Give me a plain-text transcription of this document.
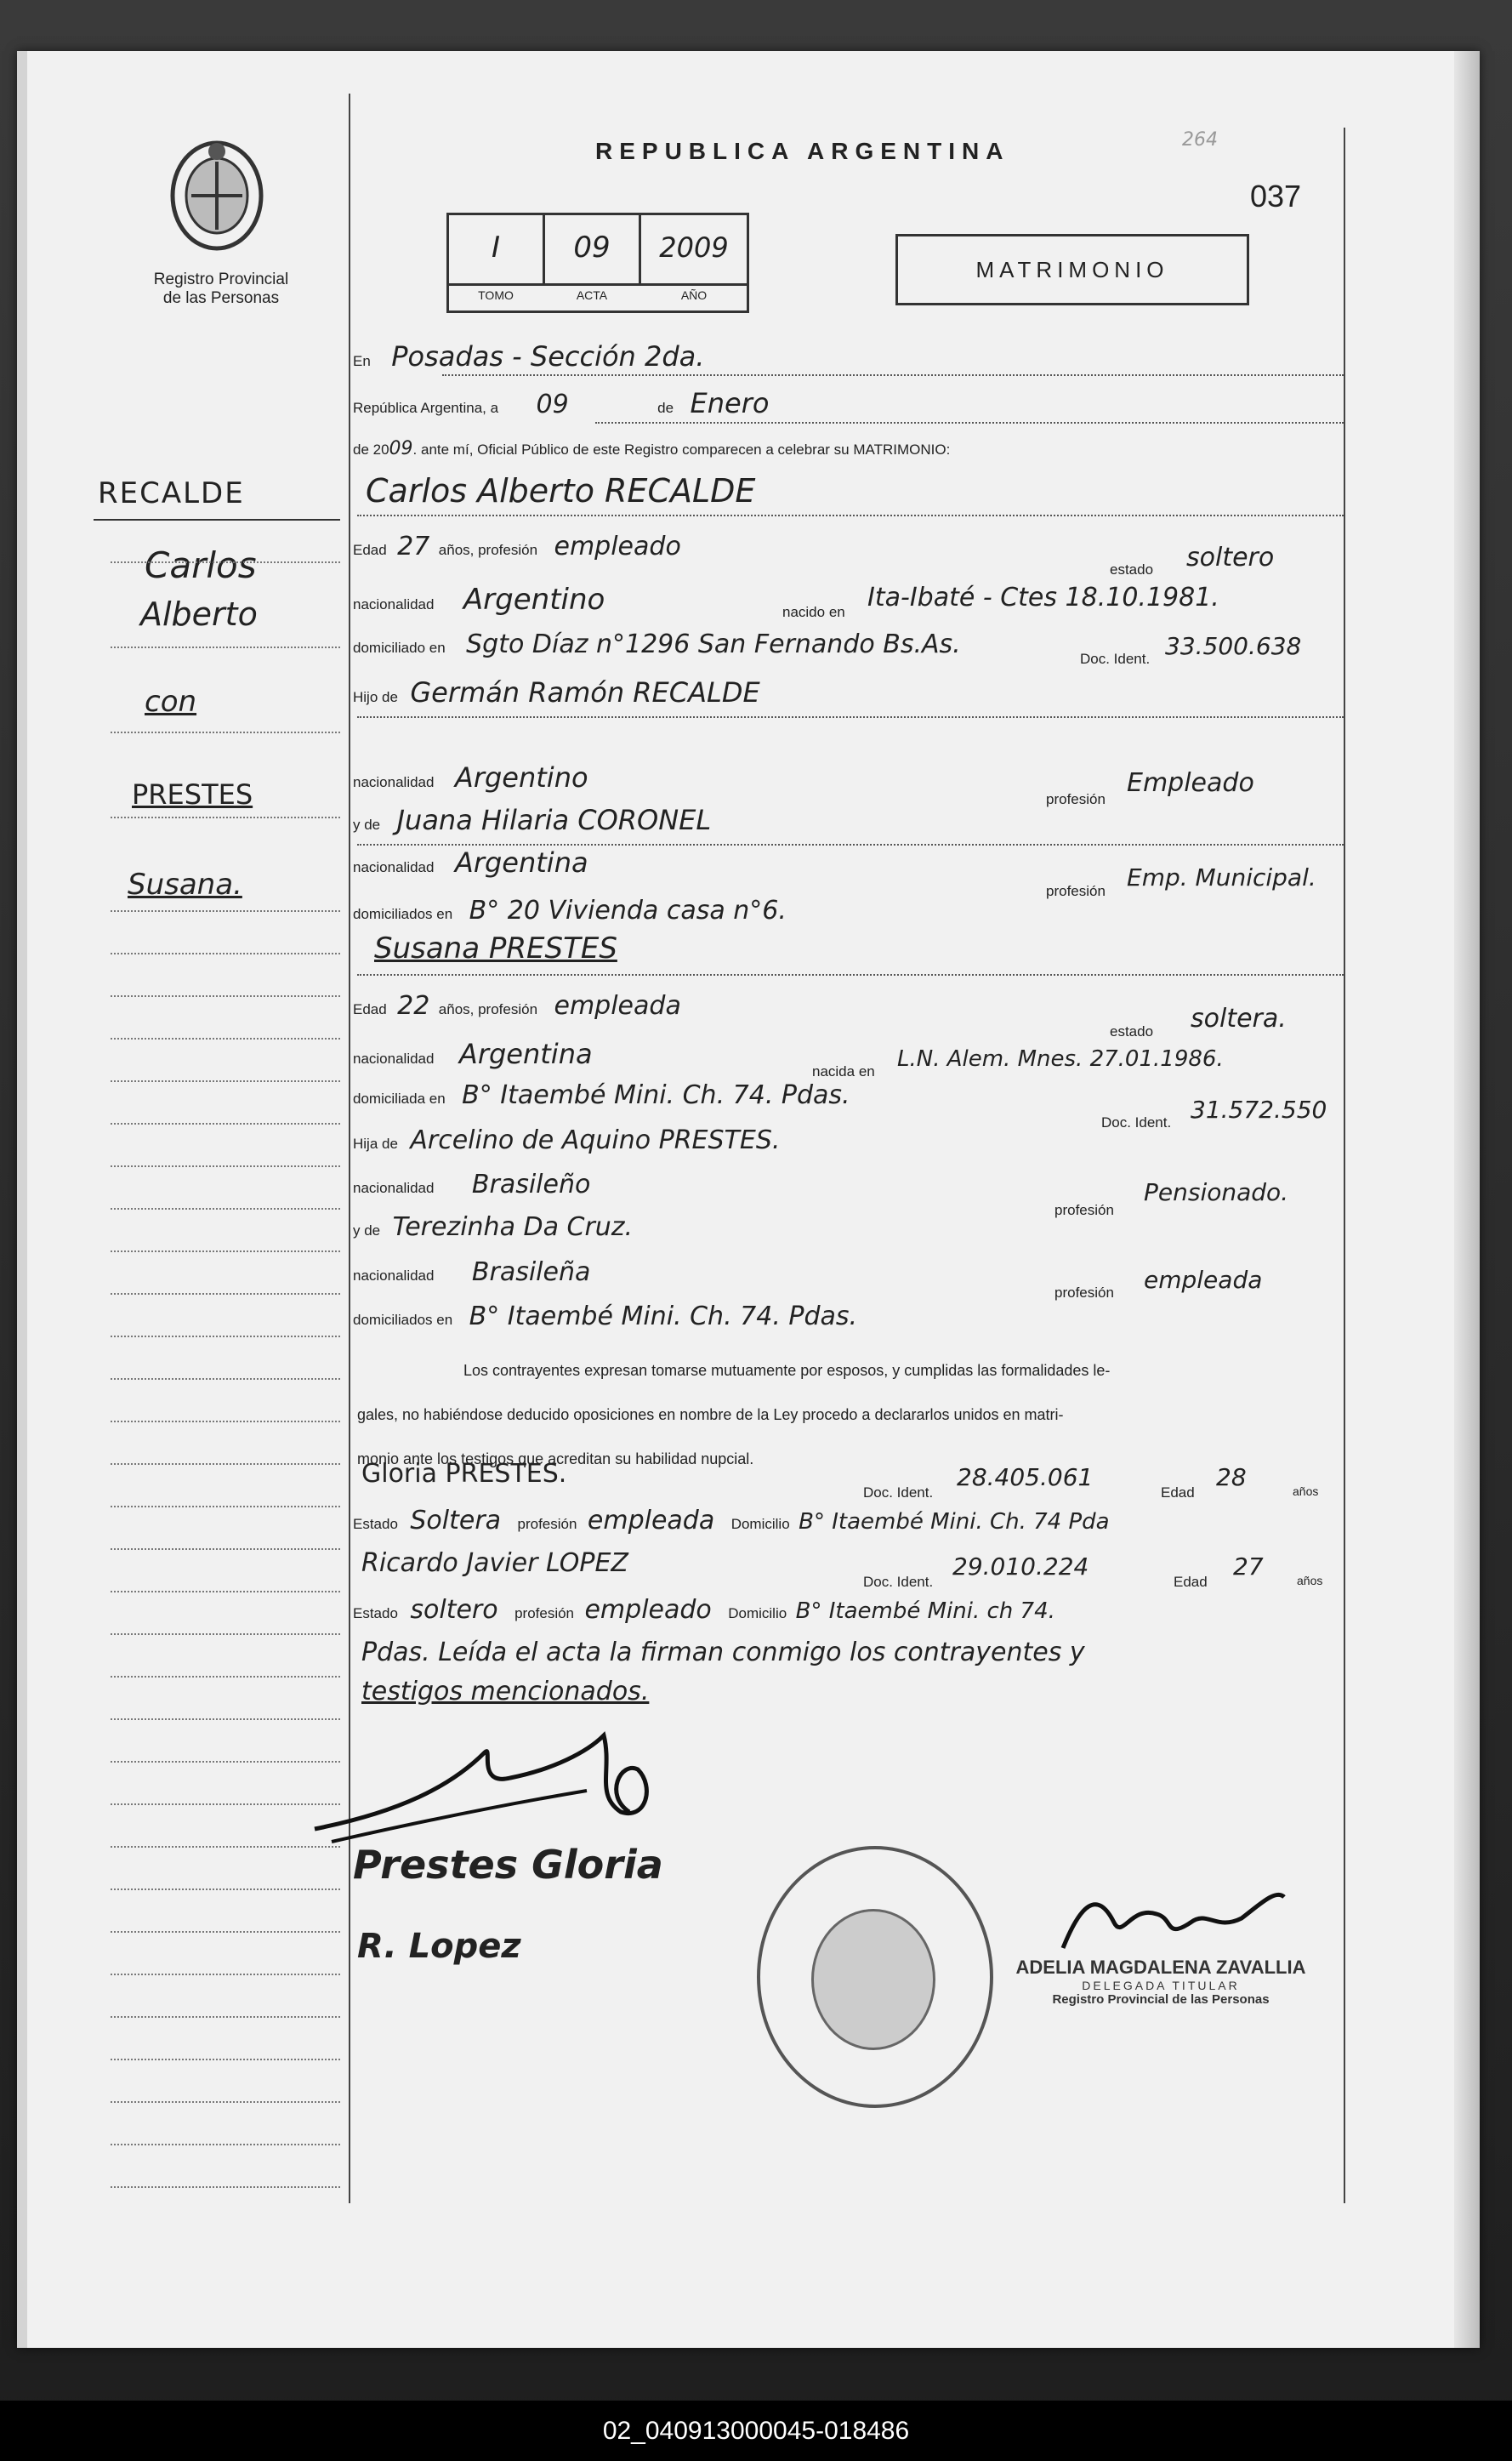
Registro Provincial
de las Personas
REPUBLICA ARGENTINA	264
037
I	09	2009
TOMO	ACTA	AÑO
MATRIMONIO
RECALDE
Carlos
Alberto
con
PRESTES
Susana.
En Posadas - Sección 2da.
República Argentina, a 09	de Enero
de 2009. ante mí, Oficial Público de este Registro comparecen a celebrar su MATRIMONIO:
Carlos Alberto RECALDE
Edad 27 años, profesión empleado
estado soltero
nacionalidad Argentino	nacido en Ita-Ibaté - Ctes 18.10.1981.
domiciliado en Sgto Díaz n°1296 San Fernando Bs.As.	Doc. Ident. 33.500.638
Hijo de Germán Ramón RECALDE
nacionalidad Argentino
profesión
Empleado
y de Juana Hilaria CORONEL
nacionalidad Argentina
profesión Emp. Municipal.
domiciliados en B° 20 Vivienda casa n°6.
Susana PRESTES
Edad 22 años, profesión empleada
estado soltera.
nacionalidad Argentina
nacida en L.N. Alem. Mnes. 27.01.1986.
domiciliada en B° Itaembé Mini. Ch. 74. Pdas.
Doc. Ident. 31.572.550
Hija de Arcelino de Aquino PRESTES.
nacionalidad Brasileño
profesión
Pensionado.
y de Terezinha Da Cruz.
nacionalidad Brasileña
profesión empleada
domiciliados en B° Itaembé Mini. Ch. 74. Pdas.
Los contrayentes expresan tomarse mutuamente por esposos, y cumplidas las formalidades le-
gales, no habiéndose deducido oposiciones en nombre de la Ley procedo a declararlos unidos en matri-
monio ante los testigos que acreditan su habilidad nupcial.
Gloria PRESTES.
Doc. Ident.
28.405.061
Edad
28	años
Estado Soltera profesión empleada Domicilio B° Itaembé Mini. Ch. 74 Pda
Ricardo Javier LOPEZ
Doc. Ident.
29.010.224
Edad
27	años
Estado soltero profesión empleado Domicilio B° Itaembé Mini. ch 74.
Pdas. Leída el acta la firman conmigo los contrayentes y
testigos mencionados.
Prestes Gloria
R. Lopez
ADELIA MAGDALENA ZAVALLIA
DELEGADA TITULAR
Registro Provincial de las Personas
02_040913000045-018486
